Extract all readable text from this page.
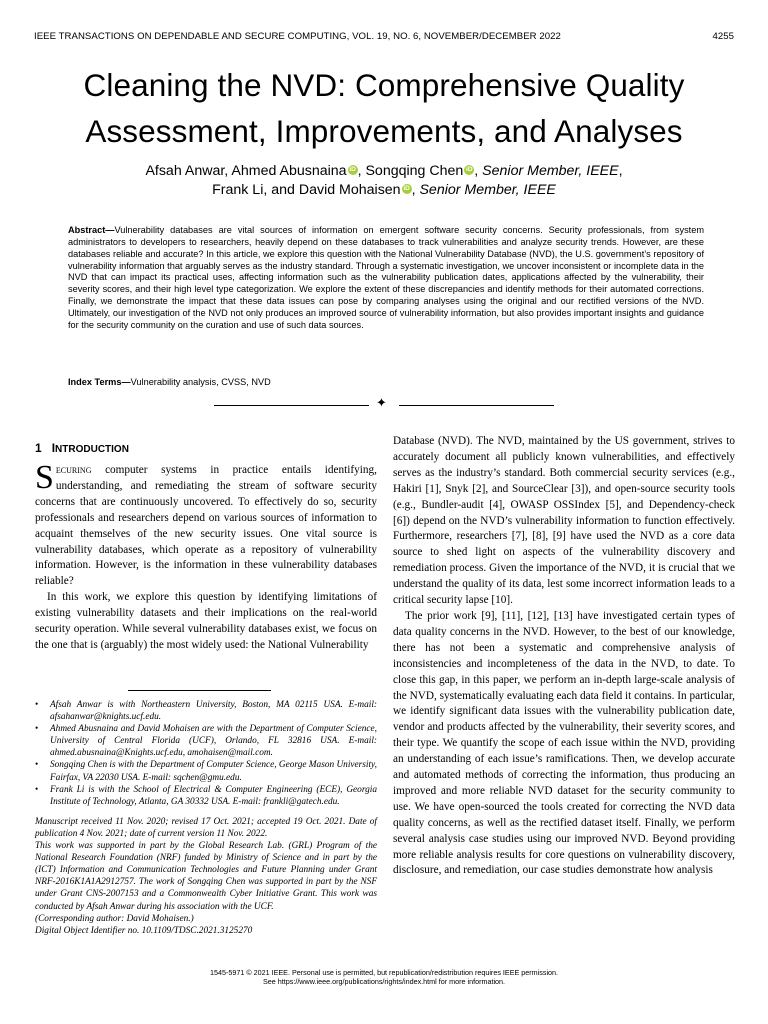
IEEE TRANSACTIONS ON DEPENDABLE AND SECURE COMPUTING, VOL. 19, NO. 6, NOVEMBER/DECEMBER 2022	4255
Cleaning the NVD: Comprehensive Quality
Assessment, Improvements, and Analyses
Afsah Anwar, Ahmed Abusnaina iD , Songqing Chen iD , Senior Member, IEEE,
Frank Li, and David Mohaisen iD , Senior Member, IEEE
Abstract—Vulnerability databases are vital sources of information on emergent software security concerns. Security professionals, from system administrators to developers to researchers, heavily depend on these databases to track vulnerabilities and analyze security trends. However, are these databases reliable and accurate? In this article, we explore this question with the National Vulnerability Database (NVD), the U.S. government’s repository of vulnerability information that arguably serves as the industry standard. Through a systematic investigation, we uncover inconsistent or incomplete data in the NVD that can impact its practical uses, affecting information such as the vulnerability publication dates, applications affected by the vulnerability, their severity scores, and their high level type categorization. We explore the extent of these discrepancies and identify methods for their automated corrections. Finally, we demonstrate the impact that these data issues can pose by comparing analyses using the original and our rectified versions of the NVD. Ultimately, our investigation of the NVD not only produces an improved source of vulnerability information, but also provides important insights and guidance for the security community on the curation and use of such data sources.
Index Terms—Vulnerability analysis, CVSS, NVD
✦
1 INTRODUCTION

Securing computer systems in practice entails identifying, understanding, and remediating the stream of software security concerns that are continuously uncovered. To effectively do so, security professionals and researchers depend on various sources of information to acquaint themselves of the new security issues. One vital source is vulnerability databases, which operate as a repository of vulnerability information. However, is the information in these vulnerability databases reliable?

In this work, we explore this question by identifying limitations of existing vulnerability datasets and their implications on the real-world security operation. While several vulnerability databases exist, we focus on the one that is (arguably) the most widely used: the National Vulnerability

• Afsah Anwar is with Northeastern University, Boston, MA 02115 USA. E-mail: afsahanwar@knights.ucf.edu.
• Ahmed Abusnaina and David Mohaisen are with the Department of Computer Science, University of Central Florida (UCF), Orlando, FL 32816 USA. E-mail: ahmed.abusnaina@Knights.ucf.edu, amohaisen@mail.com.
• Songqing Chen is with the Department of Computer Science, George Mason University, Fairfax, VA 22030 USA. E-mail: sqchen@gmu.edu.
• Frank Li is with the School of Electrical & Computer Engineering (ECE), Georgia Institute of Technology, Atlanta, GA 30332 USA. E-mail: frankli@gatech.edu.
Manuscript received 11 Nov. 2020; revised 17 Oct. 2021; accepted 19 Oct. 2021. Date of publication 4 Nov. 2021; date of current version 11 Nov. 2022.
This work was supported in part by the Global Research Lab. (GRL) Program of the National Research Foundation (NRF) funded by Ministry of Science and in part by the (ICT) Information and Communication Technologies and Future Planning under Grant NRF-2016K1A1A2912757. The work of Songqing Chen was supported in part by the NSF under Grant CNS-2007153 and a Commonwealth Cyber Initiative Grant. This work was conducted by Afsah Anwar during his association with the UCF.
(Corresponding author: David Mohaisen.)
Digital Object Identifier no. 10.1109/TDSC.2021.3125270

Database (NVD). The NVD, maintained by the US government, strives to accurately document all publicly known vulnerabilities, and effectively serves as the industry’s standard. Both commercial security services (e.g., Hakiri [1], Snyk [2], and SourceClear [3]), and open-source security tools (e.g., Bundler-audit [4], OWASP OSSIndex [5], and Dependency-check [6]) depend on the NVD’s vulnerability information to function effectively. Furthermore, researchers [7], [8], [9] have used the NVD as a core data source to shed light on aspects of the vulnerability discovery and remediation process. Given the importance of the NVD, it is crucial that we understand the quality of its data, lest some incorrect information leads to a critical security lapse [10].

The prior work [9], [11], [12], [13] have investigated certain types of data quality concerns in the NVD. However, to the best of our knowledge, there has not been a systematic and comprehensive analysis of inconsistencies and incompleteness of the data in the NVD, to date. To close this gap, in this paper, we perform an in-depth large-scale analysis of the NVD, systematically evaluating each data field it contains. In particular, we identify significant data issues with the vulnerability publication date, vendor and products affected by the vulnerability, their severity scores, and their type. We quantify the scope of each issue within the NVD, providing an understanding of each issue’s ramifications. Then, we develop accurate and automated methods of correcting the information, thus producing an improved and more reliable NVD dataset for the security community to use. We have open-sourced the tools created for correcting the NVD data quality concerns, as well as the rectified dataset itself. Finally, we perform several analysis case studies using our improved NVD. Beyond providing more reliable analysis results for core questions on vulnerability discovery, disclosure, and remediation, our case studies demonstrate how analysis

1545-5971 © 2021 IEEE. Personal use is permitted, but republication/redistribution requires IEEE permission.
See https://www.ieee.org/publications/rights/index.html for more information.
